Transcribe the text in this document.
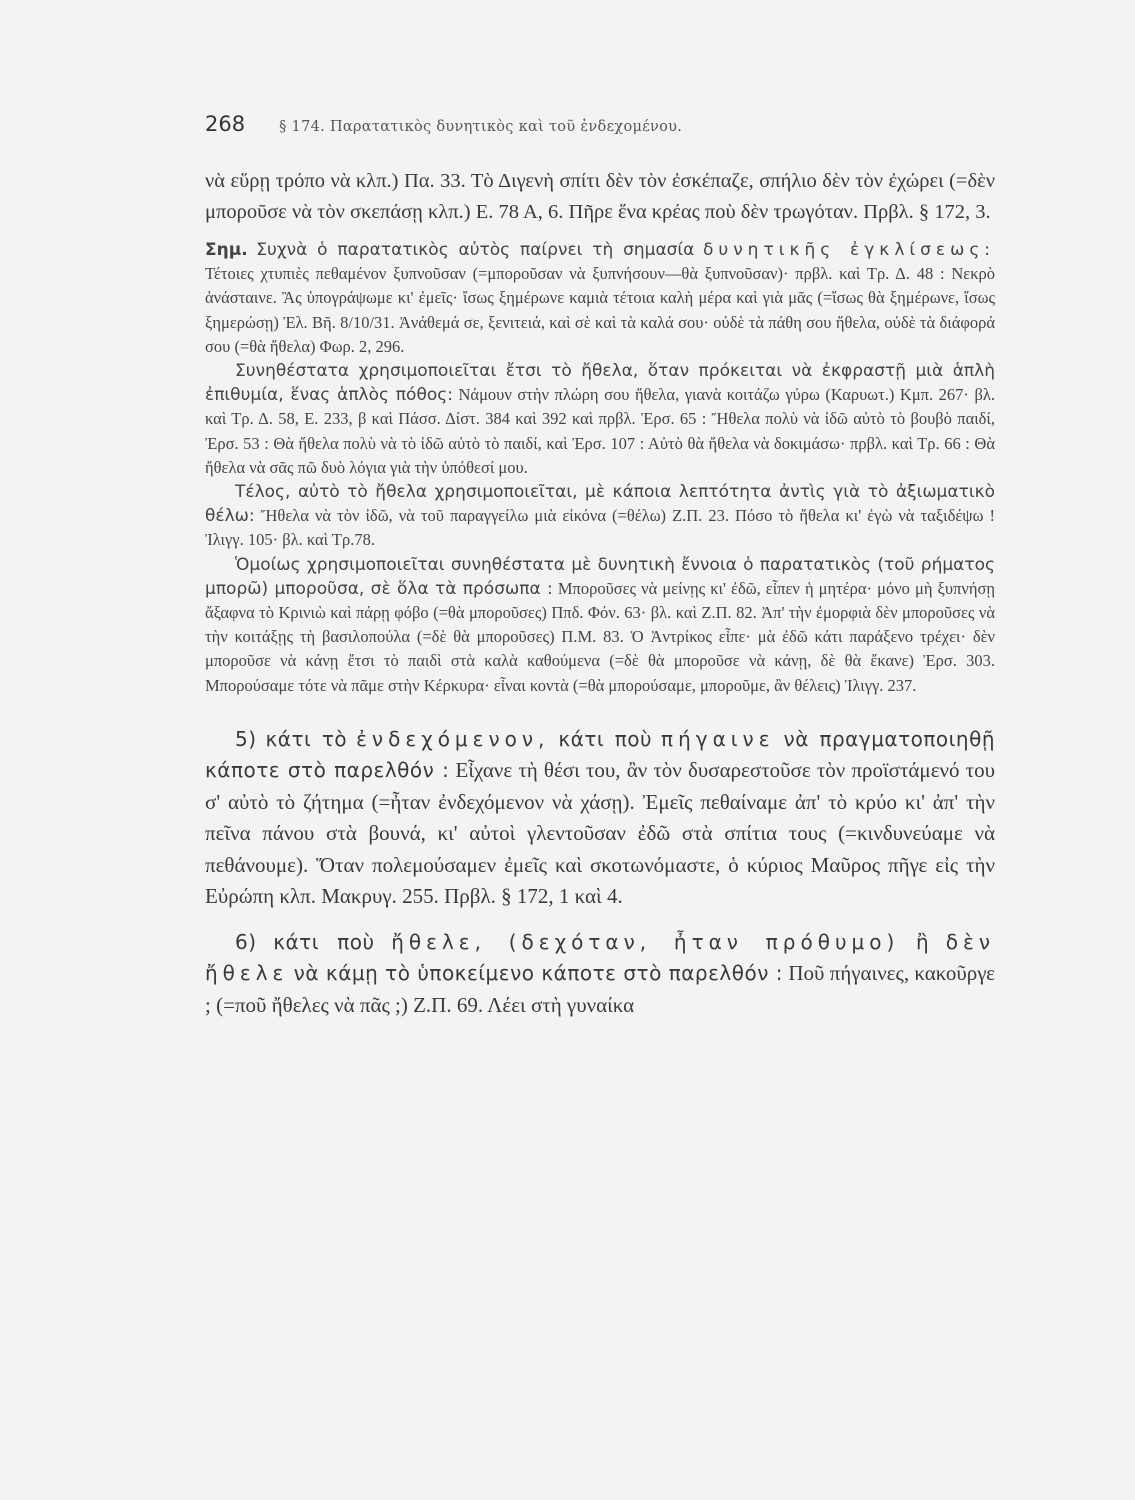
268 § 174. Παρατατικὸς δυνητικὸς καὶ τοῦ ἐνδεχομένου.

νὰ εὕρῃ τρόπο νὰ κλπ.) Πα. 33. Τὸ Διγενὴ σπίτι δὲν τὸν ἐσκέπαζε, σπήλιο δὲν τὸν ἐχώρει (=δὲν μποροῦσε νὰ τὸν σκεπάσῃ κλπ.) Ε. 78 Α, 6. Πῆρε ἕνα κρέας ποὺ δὲν τρωγόταν. Πρβλ. § 172, 3.

Σημ. Συχνὰ ὁ παρατατικὸς αὐτὸς παίρνει τὴ σημασία δυνητικῆς ἐγκλίσεως: Τέτοιες χτυπιὲς πεθαμένον ξυπνοῦσαν (=μποροῦσαν νὰ ξυπνήσουν—θὰ ξυπνοῦσαν)· πρβλ. καὶ Τρ. Δ. 48 : Νεκρὸ ἀνάσταινε. Ἂς ὑπογράψωμε κι' ἐμεῖς· ἴσως ξημέρωνε καμιὰ τέτοια καλὴ μέρα καὶ γιὰ μᾶς (=ἴσως θὰ ξημέρωνε, ἴσως ξημερώσῃ) Ἐλ. Βῆ. 8/10/31. Ἀνάθεμά σε, ξενιτειά, καὶ σὲ καὶ τὰ καλά σου· οὐδὲ τὰ πάθη σου ἤθελα, οὐδὲ τὰ διάφορά σου (=θὰ ἤθελα) Φωρ. 2, 296.

Συνηθέστατα χρησιμοποιεῖται ἔτσι τὸ ἤθελα, ὅταν πρόκειται νὰ ἐκφραστῇ μιὰ ἁπλὴ ἐπιθυμία, ἕνας ἁπλὸς πόθος: Νάμουν στὴν πλώρη σου ἤθελα, γιανὰ κοιτάζω γύρω (Καρυωτ.) Κμπ. 267· βλ. καὶ Τρ. Δ. 58, Ε. 233, β καὶ Πάσσ. Δίστ. 384 καὶ 392 καὶ πρβλ. Ἐρσ. 65 : Ἤθελα πολὺ νὰ ἰδῶ αὐτὸ τὸ βουβὸ παιδί, Ἐρσ. 53 : Θὰ ἤθελα πολὺ νὰ τὸ ἰδῶ αὐτὸ τὸ παιδί, καὶ Ἐρσ. 107 : Αὐτὸ θὰ ἤθελα νὰ δοκιμάσω· πρβλ. καὶ Τρ. 66 : Θὰ ἤθελα νὰ σᾶς πῶ δυὸ λόγια γιὰ τὴν ὑπόθεσί μου.

Τέλος, αὐτὸ τὸ ἤθελα χρησιμοποιεῖται, μὲ κάποια λεπτότητα ἀντὶς γιὰ τὸ ἀξιωματικὸ θέλω: Ἤθελα νὰ τὸν ἰδῶ, νὰ τοῦ παραγγείλω μιὰ εἰκόνα (=θέλω) Ζ.Π. 23. Πόσο τὸ ἤθελα κι' ἐγὼ νὰ ταξιδέψω ! Ἰλιγγ. 105· βλ. καὶ Τρ.78.

Ὁμοίως χρησιμοποιεῖται συνηθέστατα μὲ δυνητικὴ ἔννοια ὁ παρατατικὸς (τοῦ ρήματος μπορῶ) μποροῦσα, σὲ ὅλα τὰ πρόσωπα : Μποροῦσες νὰ μείνῃς κι' ἐδῶ, εἶπεν ἡ μητέρα· μόνο μὴ ξυπνήσῃ ἄξαφνα τὸ Κρινιὼ καὶ πάρῃ φόβο (=θὰ μποροῦσες) Ππδ. Φόν. 63· βλ. καὶ Ζ.Π. 82. Ἀπ' τὴν ἐμορφιὰ δὲν μποροῦσες νὰ τὴν κοιτάξῃς τὴ βασιλοπούλα (=δὲ θὰ μποροῦσες) Π.Μ. 83. Ὁ Ἀντρίκος εἶπε· μὰ ἐδῶ κάτι παράξενο τρέχει· δὲν μποροῦσε νὰ κάνῃ ἔτσι τὸ παιδὶ στὰ καλὰ καθούμενα (=δὲ θὰ μποροῦσε νὰ κάνῃ, δὲ θὰ ἔκανε) Ἐρσ. 303. Μπορούσαμε τότε νὰ πᾶμε στὴν Κέρκυρα· εἶναι κοντὰ (=θὰ μπορούσαμε, μποροῦμε, ἂν θέλεις) Ἰλιγγ. 237.

5) κάτι τὸ ἐνδεχόμενον, κάτι ποὺ πήγαινε νὰ πραγματοποιηθῇ κάποτε στὸ παρελθόν : Εἶχανε τὴ θέσι του, ἂν τὸν δυσαρεστοῦσε τὸν προϊστάμενό του σ' αὐτὸ τὸ ζήτημα (=ἦταν ἐνδεχόμενον νὰ χάσῃ). Ἐμεῖς πεθαίναμε ἀπ' τὸ κρύο κι' ἀπ' τὴν πεῖνα πάνου στὰ βουνά, κι' αὐτοὶ γλεντοῦσαν ἐδῶ στὰ σπίτια τους (=κινδυνεύαμε νὰ πεθάνουμε). Ὅταν πολεμούσαμεν ἐμεῖς καὶ σκοτωνόμαστε, ὁ κύριος Μαῦρος πῆγε εἰς τὴν Εὐρώπη κλπ. Μακρυγ. 255. Πρβλ. § 172, 1 καὶ 4.

6) κάτι ποὺ ἤθελε, (δεχόταν, ἦταν πρόθυμο) ἢ δὲν ἤθελε νὰ κάμῃ τὸ ὑποκείμενο κάποτε στὸ παρελθόν : Ποῦ πήγαινες, κακοῦργε ; (=ποῦ ἤθελες νὰ πᾶς ;) Ζ.Π. 69. Λέει στὴ γυναίκα
